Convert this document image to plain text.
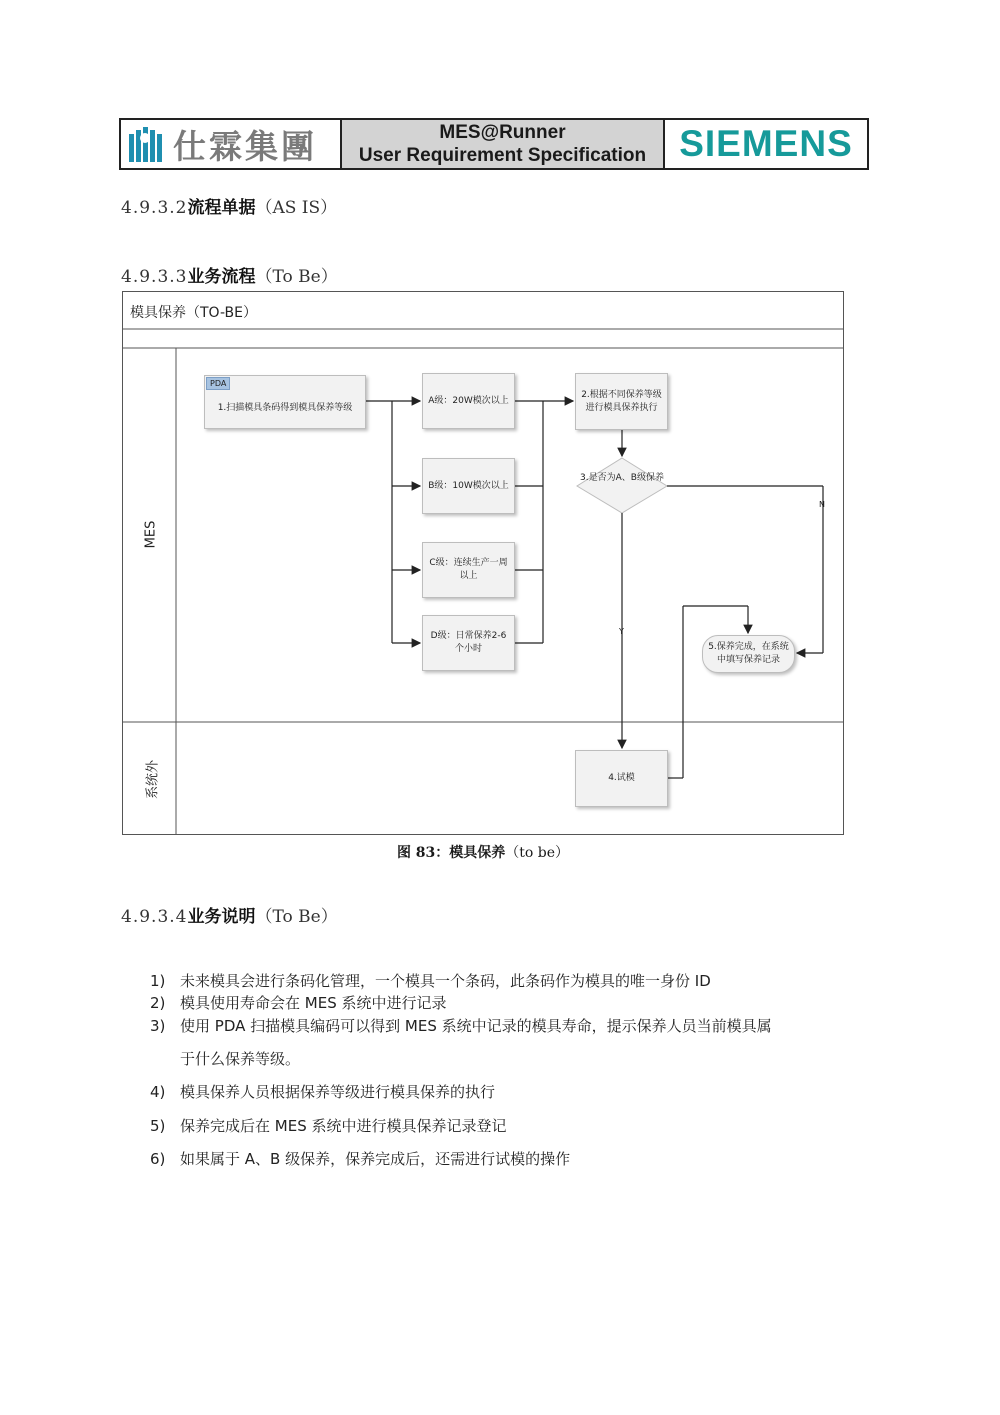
仕霖集團	MES@Runner
User Requirement Specification SIEMENS
4.9.3.2流程单据（AS IS）
4.9.3.3业务流程（To Be）
模具保养（TO-BE）
MES
系统外
PDA
1.扫描模具条码得到模具保养等级
A级：20W模次以上
B级：10W模次以上
C级：连续生产一周以上
D级：日常保养2-6个小时
2.根据不同保养等级进行模具保养执行
3.是否为A、B级保养
4.试模
5.保养完成，在系统中填写保养记录
N
Y
图 83：模具保养（to be）
4.9.3.4业务说明（To Be）
1) 未来模具会进行条码化管理，一个模具一个条码，此条码作为模具的唯一身份 ID
2) 模具使用寿命会在 MES 系统中进行记录
3) 使用 PDA 扫描模具编码可以得到 MES 系统中记录的模具寿命，提示保养人员当前模具属
于什么保养等级。
4) 模具保养人员根据保养等级进行模具保养的执行
5) 保养完成后在 MES 系统中进行模具保养记录登记
6) 如果属于 A、B 级保养，保养完成后，还需进行试模的操作
